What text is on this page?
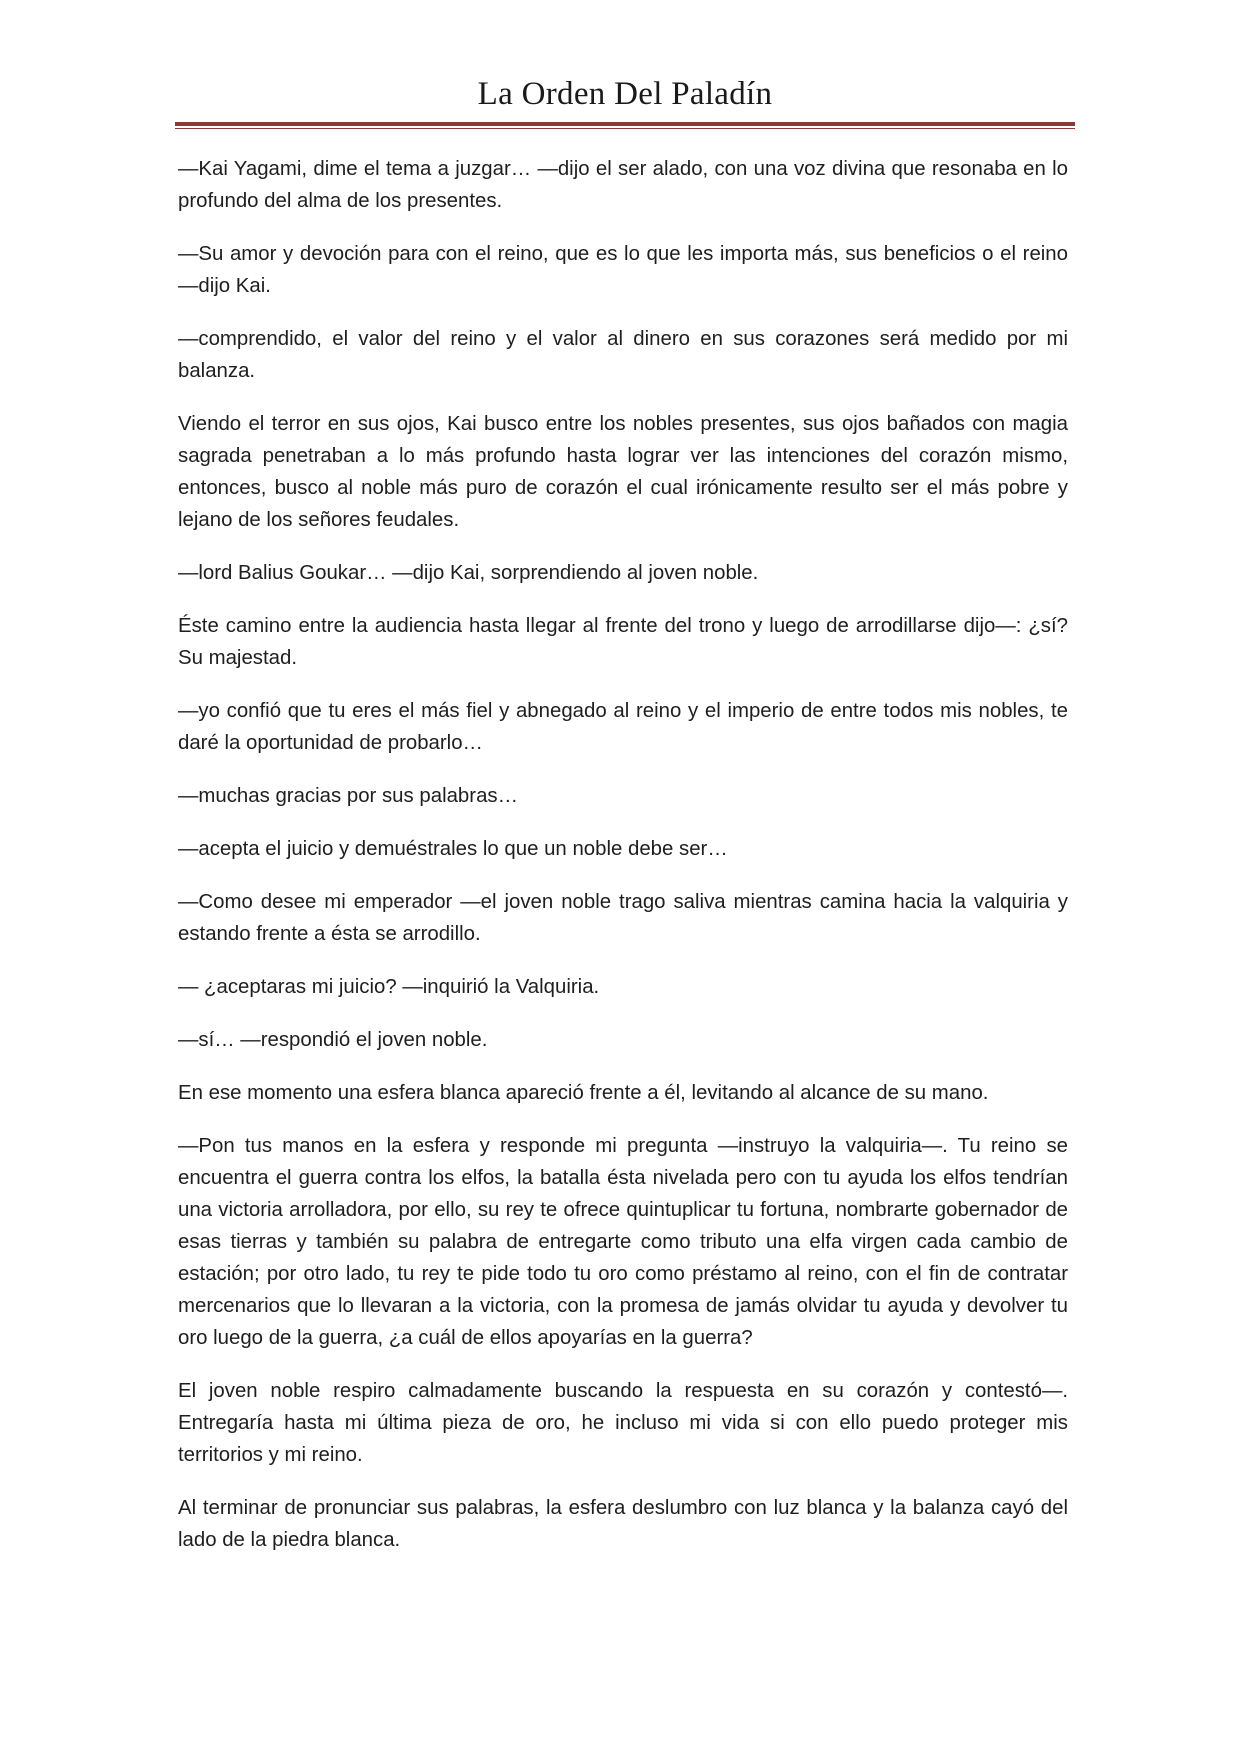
La Orden Del Paladín

—Kai Yagami, dime el tema a juzgar… —dijo el ser alado, con una voz divina que resonaba en lo profundo del alma de los presentes.

—Su amor y devoción para con el reino, que es lo que les importa más, sus beneficios o el reino —dijo Kai.

—comprendido, el valor del reino y el valor al dinero en sus corazones será medido por mi balanza.

Viendo el terror en sus ojos, Kai busco entre los nobles presentes, sus ojos bañados con magia sagrada penetraban a lo más profundo hasta lograr ver las intenciones del corazón mismo, entonces, busco al noble más puro de corazón el cual irónicamente resulto ser el más pobre y lejano de los señores feudales.

—lord Balius Goukar… —dijo Kai, sorprendiendo al joven noble.

Éste camino entre la audiencia hasta llegar al frente del trono y luego de arrodillarse dijo—: ¿sí? Su majestad.

—yo confió que tu eres el más fiel y abnegado al reino y el imperio de entre todos mis nobles, te daré la oportunidad de probarlo…

—muchas gracias por sus palabras…

—acepta el juicio y demuéstrales lo que un noble debe ser…

—Como desee mi emperador —el joven noble trago saliva mientras camina hacia la valquiria y estando frente a ésta se arrodillo.

— ¿aceptaras mi juicio? —inquirió la Valquiria.

—sí… —respondió el joven noble.

En ese momento una esfera blanca apareció frente a él, levitando al alcance de su mano.

—Pon tus manos en la esfera y responde mi pregunta —instruyo la valquiria—. Tu reino se encuentra el guerra contra los elfos, la batalla ésta nivelada pero con tu ayuda los elfos tendrían una victoria arrolladora, por ello, su rey te ofrece quintuplicar tu fortuna, nombrarte gobernador de esas tierras y también su palabra de entregarte como tributo una elfa virgen cada cambio de estación; por otro lado, tu rey te pide todo tu oro como préstamo al reino, con el fin de contratar mercenarios que lo llevaran a la victoria, con la promesa de jamás olvidar tu ayuda y devolver tu oro luego de la guerra, ¿a cuál de ellos apoyarías en la guerra?

El joven noble respiro calmadamente buscando la respuesta en su corazón y contestó—. Entregaría hasta mi última pieza de oro, he incluso mi vida si con ello puedo proteger mis territorios y mi reino.

Al terminar de pronunciar sus palabras, la esfera deslumbro con luz blanca y la balanza cayó del lado de la piedra blanca.
